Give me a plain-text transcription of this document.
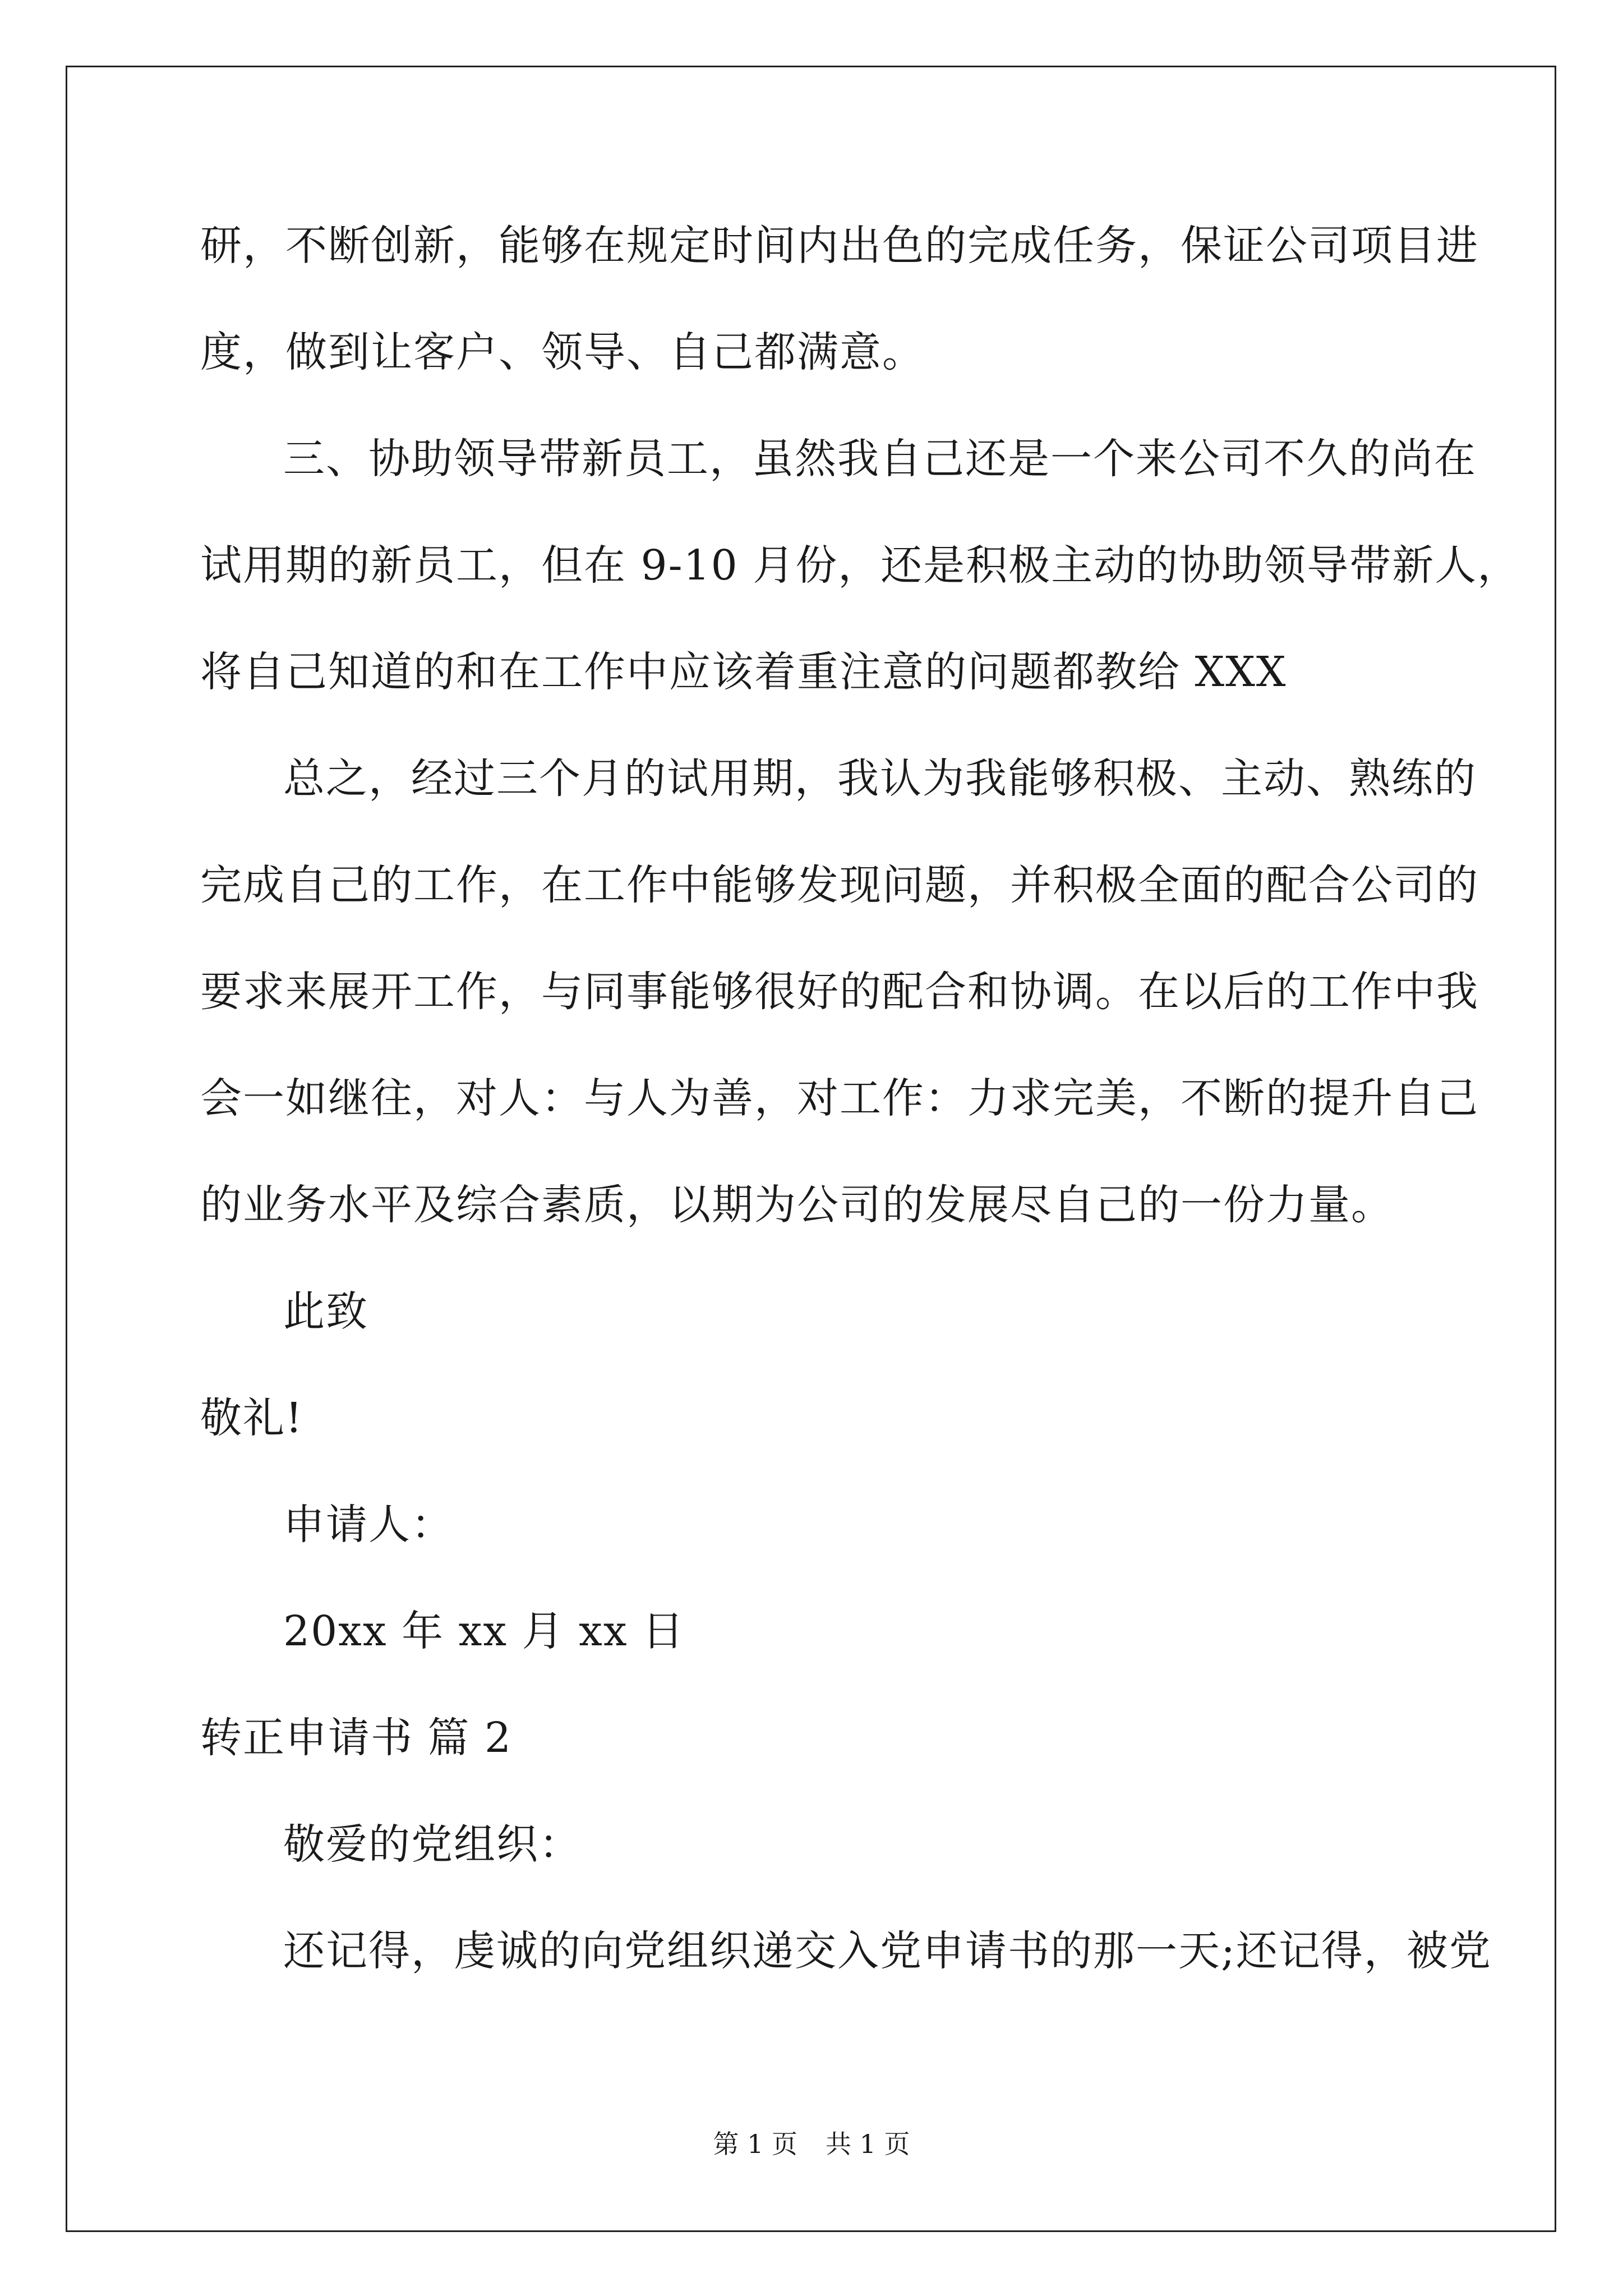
研，不断创新，能够在规定时间内出色的完成任务，保证公司项目进
度，做到让客户、领导、自己都满意。
三、协助领导带新员工，虽然我自己还是一个来公司不久的尚在
试用期的新员工，但在 9-10 月份，还是积极主动的协助领导带新人，
将自己知道的和在工作中应该着重注意的问题都教给 XXX
总之，经过三个月的试用期，我认为我能够积极、主动、熟练的
完成自己的工作，在工作中能够发现问题，并积极全面的配合公司的
要求来展开工作，与同事能够很好的配合和协调。在以后的工作中我
会一如继往，对人：与人为善，对工作：力求完美，不断的提升自己
的业务水平及综合素质，以期为公司的发展尽自己的一份力量。
此致
敬礼!
申请人：
20xx 年 xx 月 xx 日
转正申请书 篇 2
敬爱的党组织：
还记得，虔诚的向党组织递交入党申请书的那一天;还记得，被党
第 1 页 共 1 页
